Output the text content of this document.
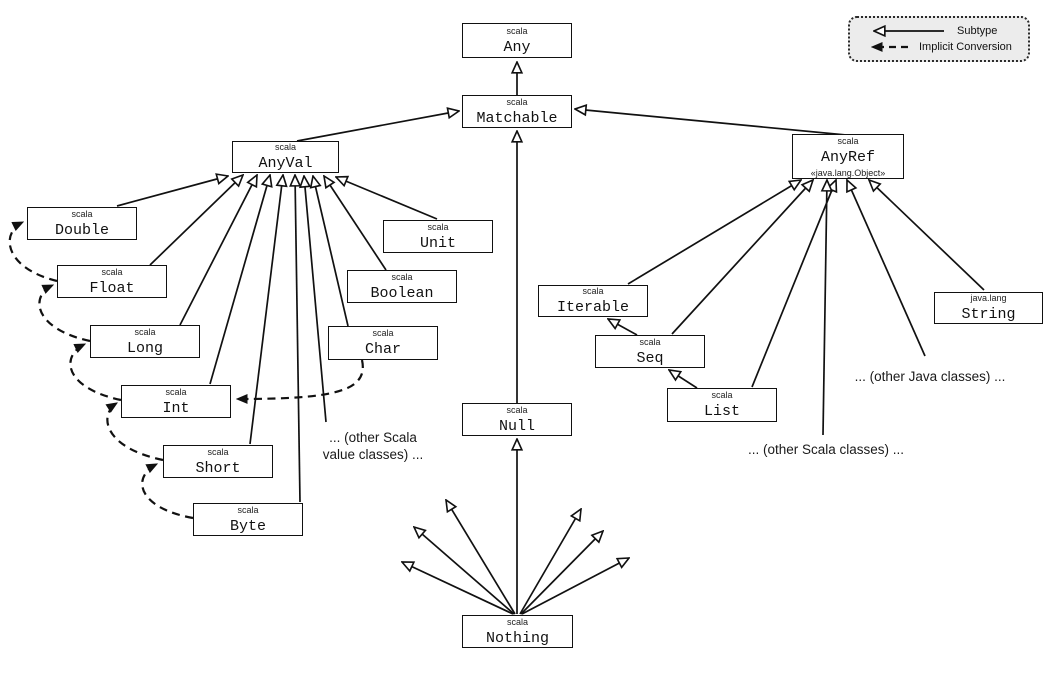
Subtype
Implicit Conversion
scala
Any
scala
Matchable
scala
AnyVal
scala
AnyRef
«java.lang.Object»
scala
Double
scala
Float
scala
Long
scala
Int
scala
Short
scala
Byte
scala
Unit
scala
Boolean
scala
Char
scala
Null
scala
Nothing
scala
Iterable
scala
Seq
scala
List
java.lang
String
... (other Scala
value classes) ...	... (other Scala classes) ...
... (other Java classes) ...
